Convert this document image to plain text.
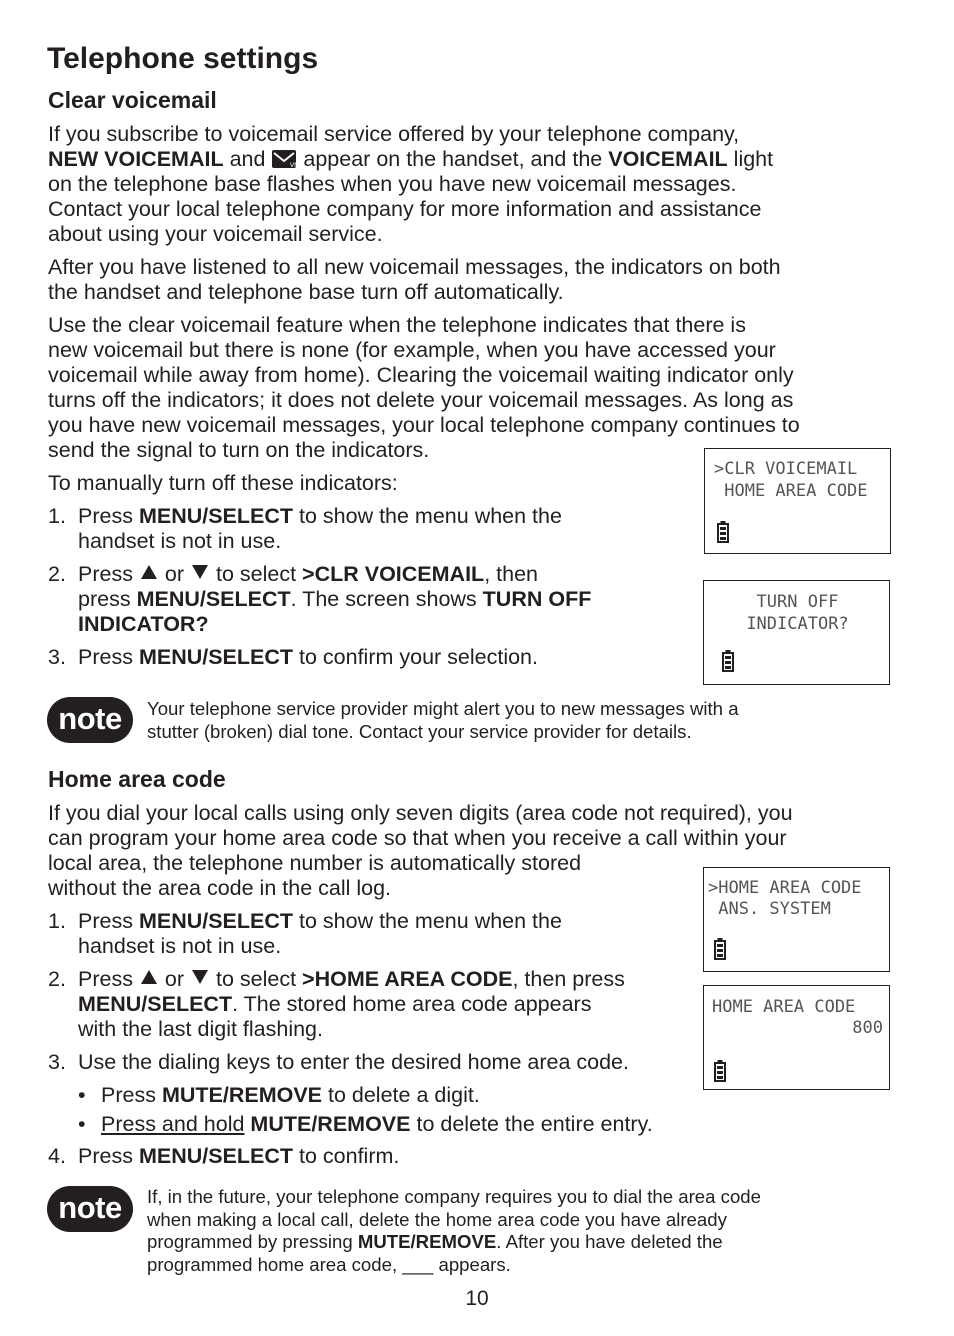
Telephone settings
Clear voicemail
If you subscribe to voicemail service offered by your telephone company,
NEW VOICEMAIL and	VM
appear on the handset, and the VOICEMAIL light
on the telephone base flashes when you have new voicemail messages.
Contact your local telephone company for more information and assistance
about using your voicemail service.
After you have listened to all new voicemail messages, the indicators on both
the handset and telephone base turn off automatically.
Use the clear voicemail feature when the telephone indicates that there is
new voicemail but there is none (for example, when you have accessed your
voicemail while away from home). Clearing the voicemail waiting indicator only
turns off the indicators; it does not delete your voicemail messages. As long as
you have new voicemail messages, your local telephone company continues to
send the signal to turn on the indicators.
To manually turn off these indicators:
1. Press MENU/SELECT to show the menu when the
handset is not in use.
2. Press  or  to select >CLR VOICEMAIL, then
press MENU/SELECT. The screen shows TURN OFF
INDICATOR?
3. Press MENU/SELECT to confirm your selection.
>CLR VOICEMAIL
HOME AREA CODE
TURN OFF
INDICATOR?
note	Your telephone service provider might alert you to new messages with a
stutter (broken) dial tone. Contact your service provider for details.
Home area code
If you dial your local calls using only seven digits (area code not required), you
can program your home area code so that when you receive a call within your
local area, the telephone number is automatically stored
without the area code in the call log.
1. Press MENU/SELECT to show the menu when the
handset is not in use.
2. Press  or  to select >HOME AREA CODE, then press
MENU/SELECT. The stored home area code appears
with the last digit flashing.
3. Use the dialing keys to enter the desired home area code.
• Press MUTE/REMOVE to delete a digit.
• Press and hold MUTE/REMOVE to delete the entire entry.
4. Press MENU/SELECT to confirm.
>HOME AREA CODE
ANS. SYSTEM
HOME AREA CODE
800
note	If, in the future, your telephone company requires you to dial the area code
when making a local call, delete the home area code you have already
programmed by pressing MUTE/REMOVE. After you have deleted the
programmed home area code, ___ appears.
10
